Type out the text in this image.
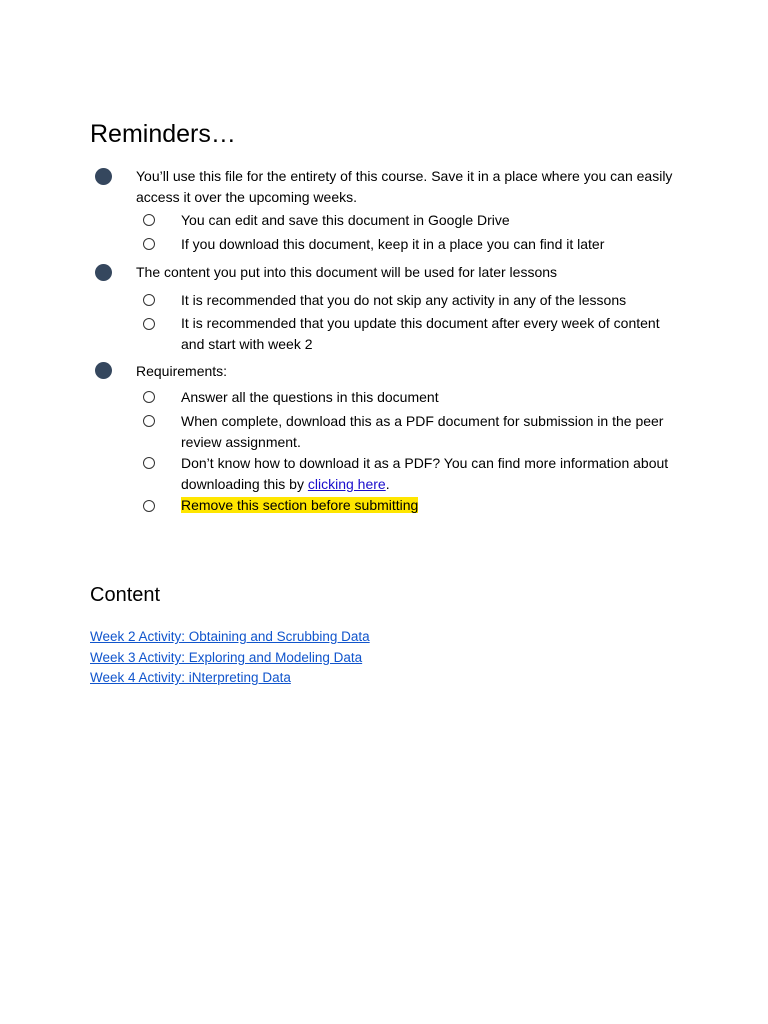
Reminders…
You’ll use this file for the entirety of this course. Save it in a place where you can easily access it over the upcoming weeks.
You can edit and save this document in Google Drive
If you download this document, keep it in a place you can find it later
The content you put into this document will be used for later lessons
It is recommended that you do not skip any activity in any of the lessons
It is recommended that you update this document after every week of content and start with week 2
Requirements:
Answer all the questions in this document
When complete, download this as a PDF document for submission in the peer review assignment.
Don’t know how to download it as a PDF? You can find more information about downloading this by clicking here.
Remove this section before submitting
Content
Week 2 Activity: Obtaining and Scrubbing Data
Week 3 Activity: Exploring and Modeling Data
Week 4 Activity: iNterpreting Data
